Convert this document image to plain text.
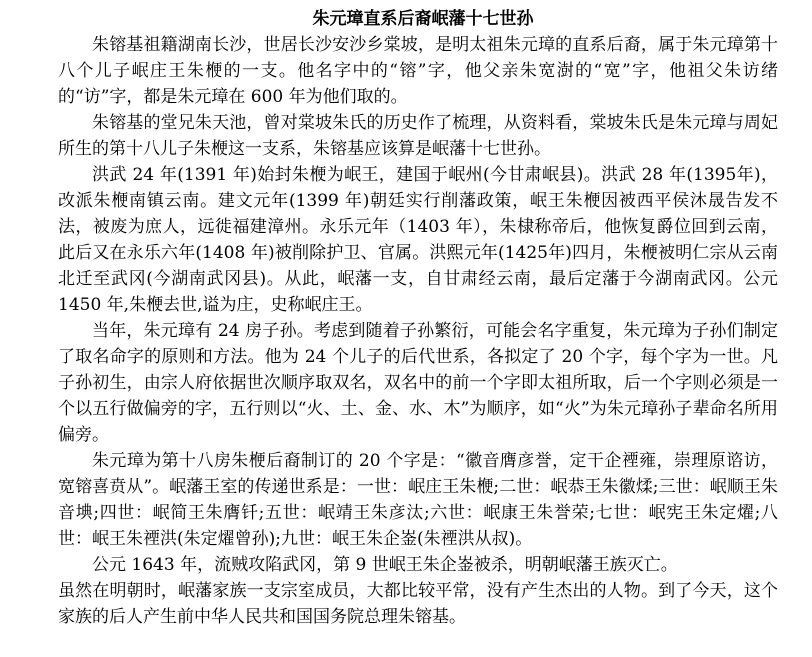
朱元璋直系后裔岷藩十七世孙

朱镕基祖籍湖南长沙，世居长沙安沙乡棠坡，是明太祖朱元璋的直系后裔，属于朱元璋第十八个儿子岷庄王朱楩的一支。他名字中的“镕”字，他父亲朱宽澍的“宽”字，他祖父朱访绪的“访”字，都是朱元璋在 600 年为他们取的。

朱镕基的堂兄朱天池，曾对棠坡朱氏的历史作了梳理，从资料看，棠坡朱氏是朱元璋与周妃所生的第十八儿子朱楩这一支系，朱镕基应该算是岷藩十七世孙。

洪武 24 年(1391 年)始封朱楩为岷王，建国于岷州(今甘肃岷县)。洪武 28 年(1395年)，改派朱楩南镇云南。建文元年(1399 年)朝廷实行削藩政策，岷王朱楩因被西平侯沐晟告发不法，被废为庶人，远徙福建漳州。永乐元年（1403 年），朱棣称帝后，他恢复爵位回到云南，此后又在永乐六年(1408 年)被削除护卫、官属。洪熙元年(1425年)四月，朱楩被明仁宗从云南北迁至武冈(今湖南武冈县)。从此，岷藩一支，自甘肃经云南，最后定藩于今湖南武冈。公元 1450 年,朱楩去世,谥为庄，史称岷庄王。

当年，朱元璋有 24 房子孙。考虑到随着子孙繁衍，可能会名字重复，朱元璋为子孙们制定了取名命字的原则和方法。他为 24 个儿子的后代世系，各拟定了 20 个字，每个字为一世。凡子孙初生，由宗人府依据世次顺序取双名，双名中的前一个字即太祖所取，后一个字则必须是一个以五行做偏旁的字，五行则以“火、土、金、水、木”为顺序，如“火”为朱元璋孙子辈命名所用偏旁。

朱元璋为第十八房朱楩后裔制订的 20 个字是：“徽音膺彦誉，定干企禋雍，崇理原谘访，宽镕喜贲从”。岷藩王室的传递世系是：一世：岷庄王朱楩;二世：岷恭王朱徽煣;三世：岷顺王朱音㙉;四世：岷简王朱膺钎;五世：岷靖王朱彦汰;六世：岷康王朱誉荣;七世：岷宪王朱定燿;八世：岷王朱禋洪(朱定燿曾孙);九世：岷王朱企崟(朱禋洪从叔)。

公元 1643 年，流贼攻陷武冈，第 9 世岷王朱企崟被杀，明朝岷藩王族灭亡。

虽然在明朝时，岷藩家族一支宗室成员，大都比较平常，没有产生杰出的人物。到了今天，这个家族的后人产生前中华人民共和国国务院总理朱镕基。
